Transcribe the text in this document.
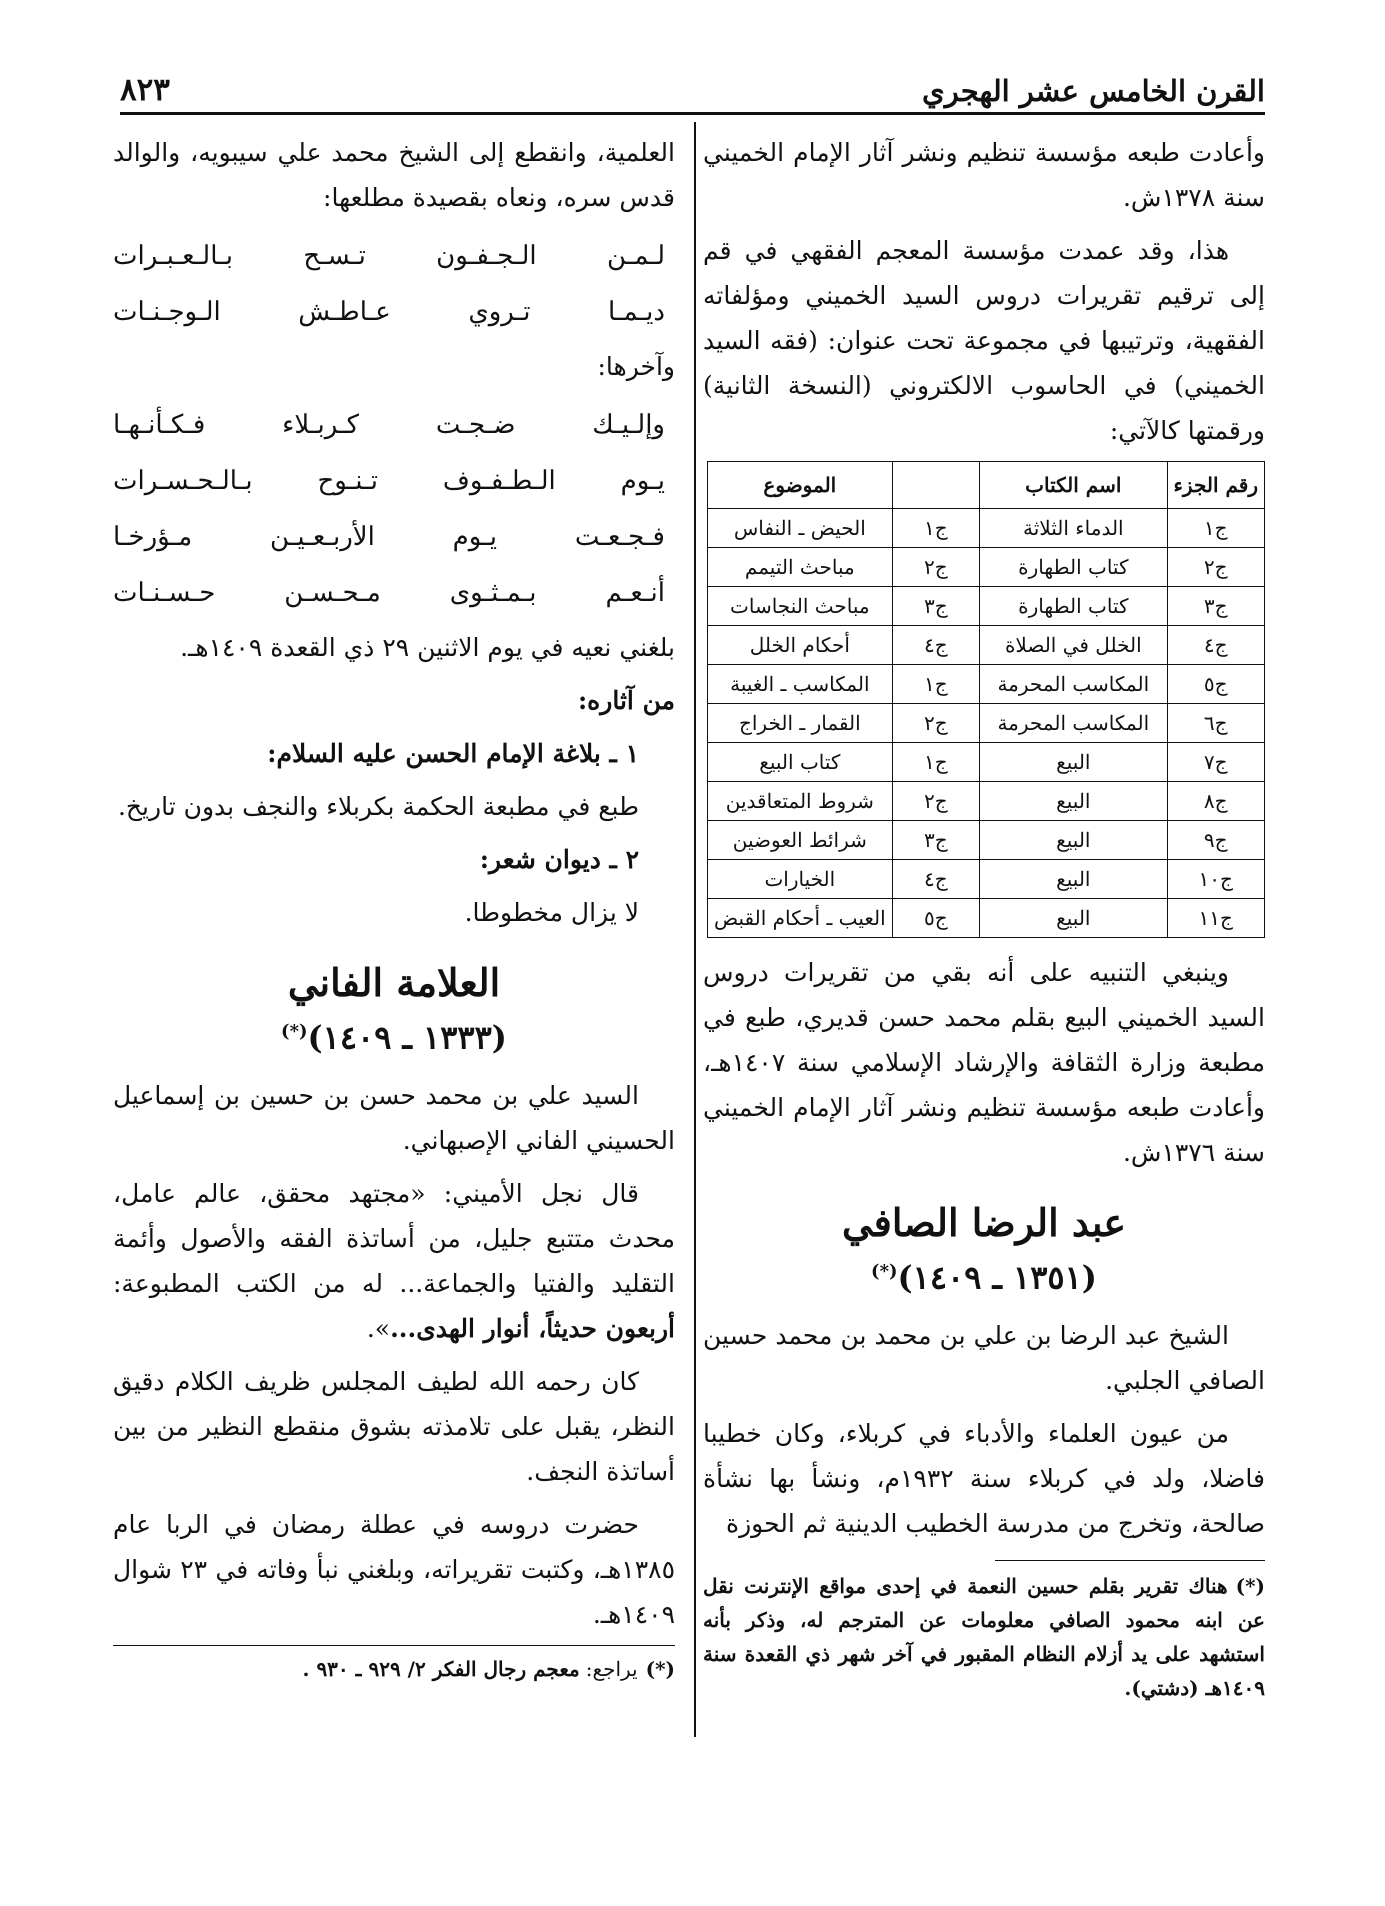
القرن الخامس عشر الهجري
٨٢٣

وأعادت طبعه مؤسسة تنظيم ونشر آثار الإمام الخميني سنة ١٣٧٨ش.

هذا، وقد عمدت مؤسسة المعجم الفقهي في قم إلى ترقيم تقريرات دروس السيد الخميني ومؤلفاته الفقهية، وترتيبها في مجموعة تحت عنوان: (فقه السيد الخميني) في الحاسوب الالكتروني (النسخة الثانية) ورقمتها كالآتي:

رقم الجزء	اسم الكتاب		الموضوع
ج١	الدماء الثلاثة	ج١	الحيض ـ النفاس
ج٢	كتاب الطهارة	ج٢	مباحث التيمم
ج٣	كتاب الطهارة	ج٣	مباحث النجاسات
ج٤	الخلل في الصلاة	ج٤	أحكام الخلل
ج٥	المكاسب المحرمة	ج١	المكاسب ـ الغيبة
ج٦	المكاسب المحرمة	ج٢	القمار ـ الخراج
ج٧	البيع	ج١	كتاب البيع
ج٨	البيع	ج٢	شروط المتعاقدين
ج٩	البيع	ج٣	شرائط العوضين
ج١٠	البيع	ج٤	الخيارات
ج١١	البيع	ج٥	العيب ـ أحكام القبض

وينبغي التنبيه على أنه بقي من تقريرات دروس السيد الخميني البيع بقلم محمد حسن قديري، طبع في مطبعة وزارة الثقافة والإرشاد الإسلامي سنة ١٤٠٧هـ، وأعادت طبعه مؤسسة تنظيم ونشر آثار الإمام الخميني سنة ١٣٧٦ش.

عبد الرضا الصافي
(١٣٥١ ـ ١٤٠٩)(*)

الشيخ عبد الرضا بن علي بن محمد بن محمد حسين الصافي الجلبي.

من عيون العلماء والأدباء في كربلاء، وكان خطيبا فاضلا، ولد في كربلاء سنة ١٩٣٢م، ونشأ بها نشأة صالحة، وتخرج من مدرسة الخطيب الدينية ثم الحوزة

(*)هناك تقرير بقلم حسين النعمة في إحدى مواقع الإنترنت نقل عن ابنه محمود الصافي معلومات عن المترجم له، وذكر بأنه استشهد على يد أزلام النظام المقبور في آخر شهر ذي القعدة سنة ١٤٠٩هـ (دشتي).

العلمية، وانقطع إلى الشيخ محمد علي سيبويه، والوالد قدس سره، ونعاه بقصيدة مطلعها:

لـمـن الـجـفـون تـسـح بـالـعـبـرات
ديـمـا تـروي عـاطـش الـوجـنـات

وآخرها:

وإلـيـك ضـجـت كـربـلاء فـكـأنـهـا
يـوم الـطـفـوف تـنـوح بـالـحـسـرات
فـجـعـت يـوم الأربـعـيـن مـؤرخـا
أنـعـم بـمـثـوى مـحـسـن حـسـنـات

بلغني نعيه في يوم الاثنين ٢٩ ذي القعدة ١٤٠٩هـ.

من آثاره:

١ ـ بلاغة الإمام الحسن عليه السلام:

طبع في مطبعة الحكمة بكربلاء والنجف بدون تاريخ.

٢ ـ ديوان شعر:

لا يزال مخطوطا.

العلامة الفاني
(١٣٣٣ ـ ١٤٠٩)(*)

السيد علي بن محمد حسن بن حسين بن إسماعيل الحسيني الفاني الإصبهاني.

قال نجل الأميني: «مجتهد محقق، عالم عامل، محدث متتبع جليل، من أساتذة الفقه والأصول وأئمة التقليد والفتيا والجماعة... له من الكتب المطبوعة: أربعون حديثاً، أنوار الهدى...».

كان رحمه الله لطيف المجلس ظريف الكلام دقيق النظر، يقبل على تلامذته بشوق منقطع النظير من بين أساتذة النجف.

حضرت دروسه في عطلة رمضان في الربا عام ١٣٨٥هـ، وكتبت تقريراته، وبلغني نبأ وفاته في ٢٣ شوال ١٤٠٩هـ.

(*)يراجع:معجم رجال الفكر ٢/ ٩٢٩ ـ ٩٣٠ .
